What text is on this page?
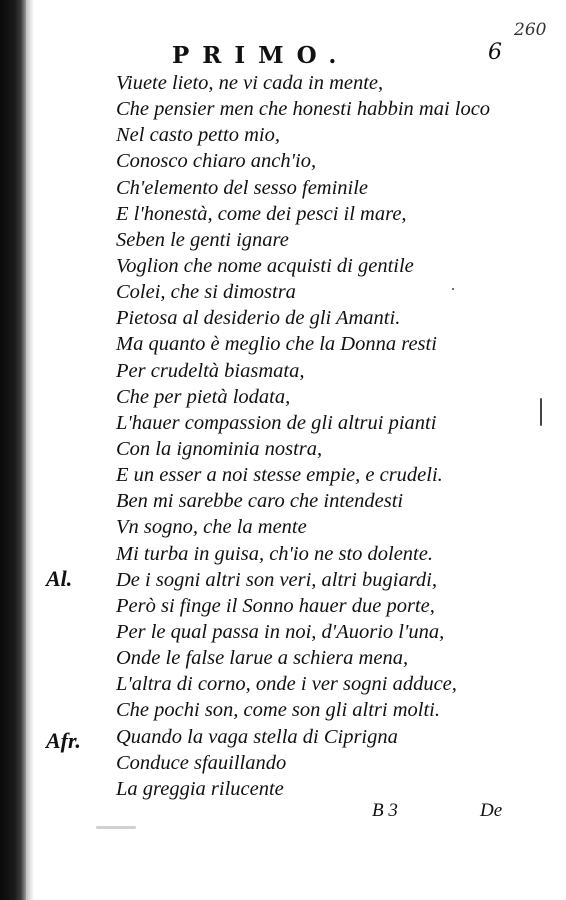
260
PRIMO.	6
Al.
Afr.
Viuete lieto, ne vi cada in mente,
Che pensier men che honesti habbin mai loco
Nel casto petto mio,
Conosco chiaro anch'io,
Ch'elemento del sesso feminile
E l'honestà, come dei pesci il mare,
Seben le genti ignare
Voglion che nome acquisti di gentile
Colei, che si dimostra
Pietosa al desiderio de gli Amanti.
Ma quanto è meglio che la Donna resti
Per crudeltà biasmata,
Che per pietà lodata,
L'hauer compassion de gli altrui pianti
Con la ignominia nostra,
E un esser a noi stesse empie, e crudeli.
Ben mi sarebbe caro che intendesti
Vn sogno, che la mente
Mi turba in guisa, ch'io ne sto dolente.
De i sogni altri son veri, altri bugiardi,
Però si finge il Sonno hauer due porte,
Per le qual passa in noi, d'Auorio l'una,
Onde le false larue a schiera mena,
L'altra di corno, onde i ver sogni adduce,
Che pochi son, come son gli altri molti.
Quando la vaga stella di Ciprigna
Conduce sfauillando
La greggia rilucente
B 3	De
